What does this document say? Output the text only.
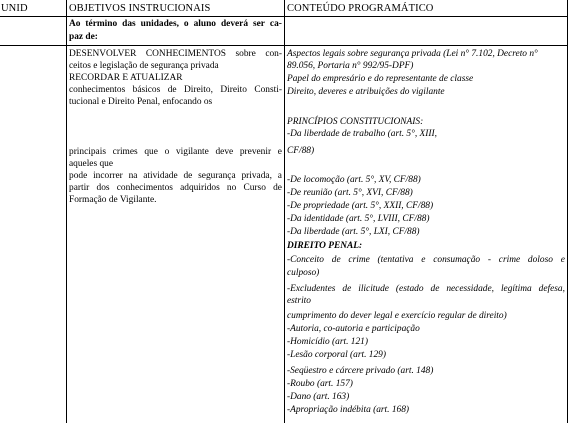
UNID	OBJETIVOS INSTRUCIONAIS	CONTEÚDO PROGRAMÁTICO
Ao término das unidades, o aluno deverá ser ca-
paz de:
DESENVOLVER CONHECIMENTOS sobre con-
ceitos e legislação de segurança privada
RECORDAR E ATUALIZAR
conhecimentos básicos de Direito, Direito Consti-
tucional e Direito Penal, enfocando os
principais crimes que o vigilante deve prevenir e
aqueles que
pode incorrer na atividade de segurança privada, a
partir dos conhecimentos adquiridos no Curso de
Formação de Vigilante.
Aspectos legais sobre segurança privada (Lei n° 7.102, Decreto n°
89.056, Portaria n° 992/95-DPF)
Papel do empresário e do representante de classe
Direito, deveres e atribuições do vigilante
PRINCÍPIOS CONSTITUCIONAIS:
-Da liberdade de trabalho (art. 5°, XIII,
CF/88)
-De locomoção (art. 5°, XV, CF/88)
-De reunião (art. 5°, XVI, CF/88)
-De propriedade (art. 5°, XXII, CF/88)
-Da identidade (art. 5°, LVIII, CF/88)
-Da liberdade (art. 5°, LXI, CF/88)
DIREITO PENAL:
-Conceito de crime (tentativa e consumação - crime doloso e
culposo)
-Excludentes de ilicitude (estado de necessidade, legítima defesa,
estrito
cumprimento do dever legal e exercício regular de direito)
-Autoria, co-autoria e participação
-Homicídio (art. 121)
-Lesão corporal (art. 129)
-Seqüestro e cárcere privado (art. 148)
-Roubo (art. 157)
-Dano (art. 163)
-Apropriação indébita (art. 168)
